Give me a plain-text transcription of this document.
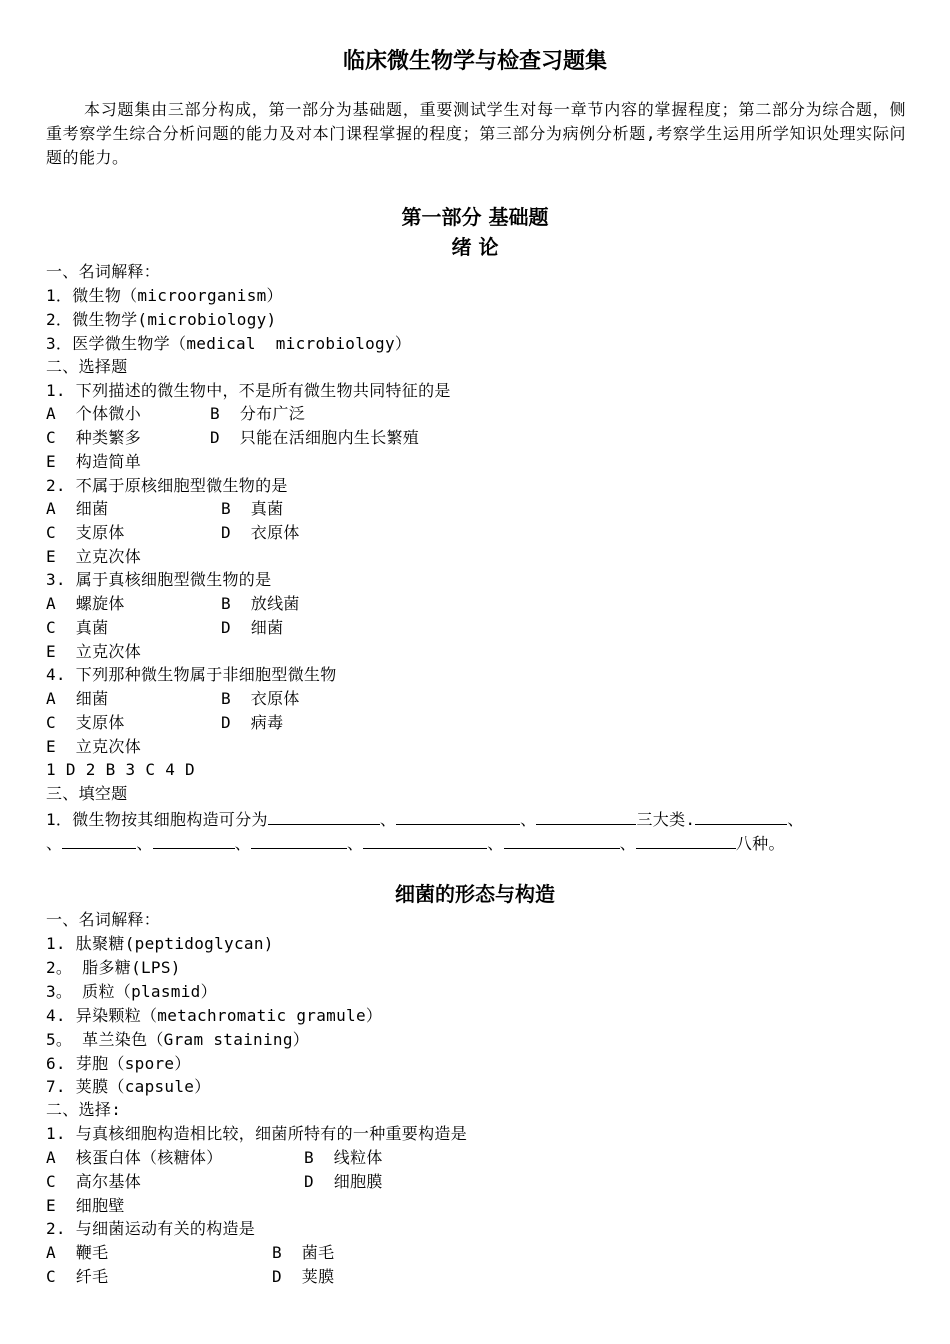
临床微生物学与检查习题集
本习题集由三部分构成，第一部分为基础题，重要测试学生对每一章节内容的掌握程度；第二部分为综合题，侧重考察学生综合分析问题的能力及对本门课程掌握的程度；第三部分为病例分析题,考察学生运用所学知识处理实际问题的能力。
第一部分 基础题
绪 论
一、名词解释：
1．微生物（microorganism）
2．微生物学(microbiology)
3．医学微生物学（medical  microbiology）
二、选择题
1. 下列描述的微生物中，不是所有微生物共同特征的是
A  个体微小	B  分布广泛
C  种类繁多	D  只能在活细胞内生长繁殖
E  构造简单
2. 不属于原核细胞型微生物的是
A  细菌	B  真菌
C  支原体	D  衣原体
E  立克次体
3. 属于真核细胞型微生物的是
A  螺旋体	B  放线菌
C  真菌	D  细菌
E  立克次体
4. 下列那种微生物属于非细胞型微生物
A  细菌	B  衣原体
C  支原体	D  病毒
E  立克次体
1 D 2 B 3 C 4 D
三、填空题
1．微生物按其细胞构造可分为	、	、	三大类.	、
、	、	、	、	、	、	八种。
细菌的形态与构造
一、名词解释：
1. 肽聚糖(peptidoglycan)
2。 脂多糖(LPS)
3。 质粒（plasmid）
4. 异染颗粒（metachromatic gramule）
5。 革兰染色（Gram staining）
6. 芽胞（spore）
7. 荚膜（capsule）
二、选择:
1. 与真核细胞构造相比较，细菌所特有的一种重要构造是
A  核蛋白体（核糖体）	B  线粒体
C  高尔基体	D  细胞膜
E  细胞壁
2. 与细菌运动有关的构造是
A  鞭毛	B  菌毛
C  纤毛	D  荚膜
